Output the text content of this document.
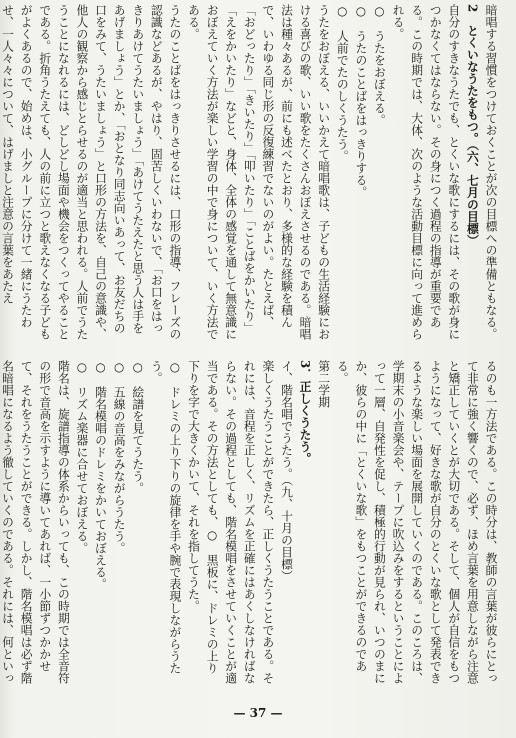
暗唱する習慣をつけておくことが次の目標への準備ともなる。

2　とくいなうたをもつ。（六、七月の目標）

自分のすきなうたでも、とくいな歌にするには、その歌が身につかなくてはならない。その身につく過程の指導が重要である。この時期では、大体、次のような活動目標に向って進められる。

○　うたをおぼえる。

○　うたのことばをはっきりする。

○　人前でたのしくうたう。

うたをおぼえる、いいかえて暗唱歌は、子どもの生活経験における喜びの歌、いい歌をたくさんおぼえさせるのである。暗唱法は種々あるが、前にも述べたとおり、多様的な経験を積んで、いわゆる同じ形の反復練習でないのがよい。たとえば、「おどったり」「きいたり」「叩いたり」「ことばをかいたり」「えをかいたり」などと、身体、全体の感覚を通して無意識におぼえていく方法が楽しい学習の中で身について、いく方法である。

うたのことばをはっきりさせるには、口形の指導、フレーズの認識などあるが、やはり、固苦しくいわないで、「お口をはっきりあけてうたいましょう」「あけてうたえたと思う人は手をあげましょう」とか、「おとなり同志向いあって、お友だちの口をみて、うたいましょう」と口形の方法を、自己の意識や、他人の観察から感じとらせるのが適当と思われる。人前でうたうことになれるには、どしどし場面や機会をつくってやることである。折角うたえても、人の前に立つと歌えなくなる子どもがよくあるので、始めは、小グループに分けて一緒にうたわせ、一人々々について、はげましと注意の言葉をあたえ

るのも一方法である。この時分は、教師の言葉が彼らにとって非常に強く響くので、必ず、ほめ言葉を用意しながら注意と矯正していくとが大切である。そして、個人が自信をもつようになって、好きな歌が自分のとくいな歌として発表できるような楽しい場面を展開していくのである。このころは、学期末の小音楽会や、テープに吹込みをするということによって一層、自発性を促し、積極的行動が見られ、いつのまにか、彼らの中に「とくいな歌」をもつことができるのである。

第二学期

3．正しくうたう。

イ、階名唱でうたう。（九、十月の目標）

楽しくうたうことができたら、正しくうたうことである。それには、音程を正しく、リズムを正確にはあくしなければならない。その過程としても、階名模唱をさせていくことが適当である。その方法としても、○　黒板に、ドレミの上り下りを字で大きくかいて、それを指してうた。

○　ドレミの上り下りの旋律を手や腕で表現しながらうたう。

○　絵譜を見てうたう。

○　五線の音高をみながらうたう。

○　階名模唱のドレミをかいておぼえる。

○　リズム楽器に合せておぼえる。

階名は、旋譜指導の体系からいっても、この時期では全音符の形で音高を示すように導いてあれば、一小節ずつかかせて、それをうたうことができる。しかし、階名模唱は必ず階名暗唱になるよう徹していくのである。それには、何といっ

— 37 —
